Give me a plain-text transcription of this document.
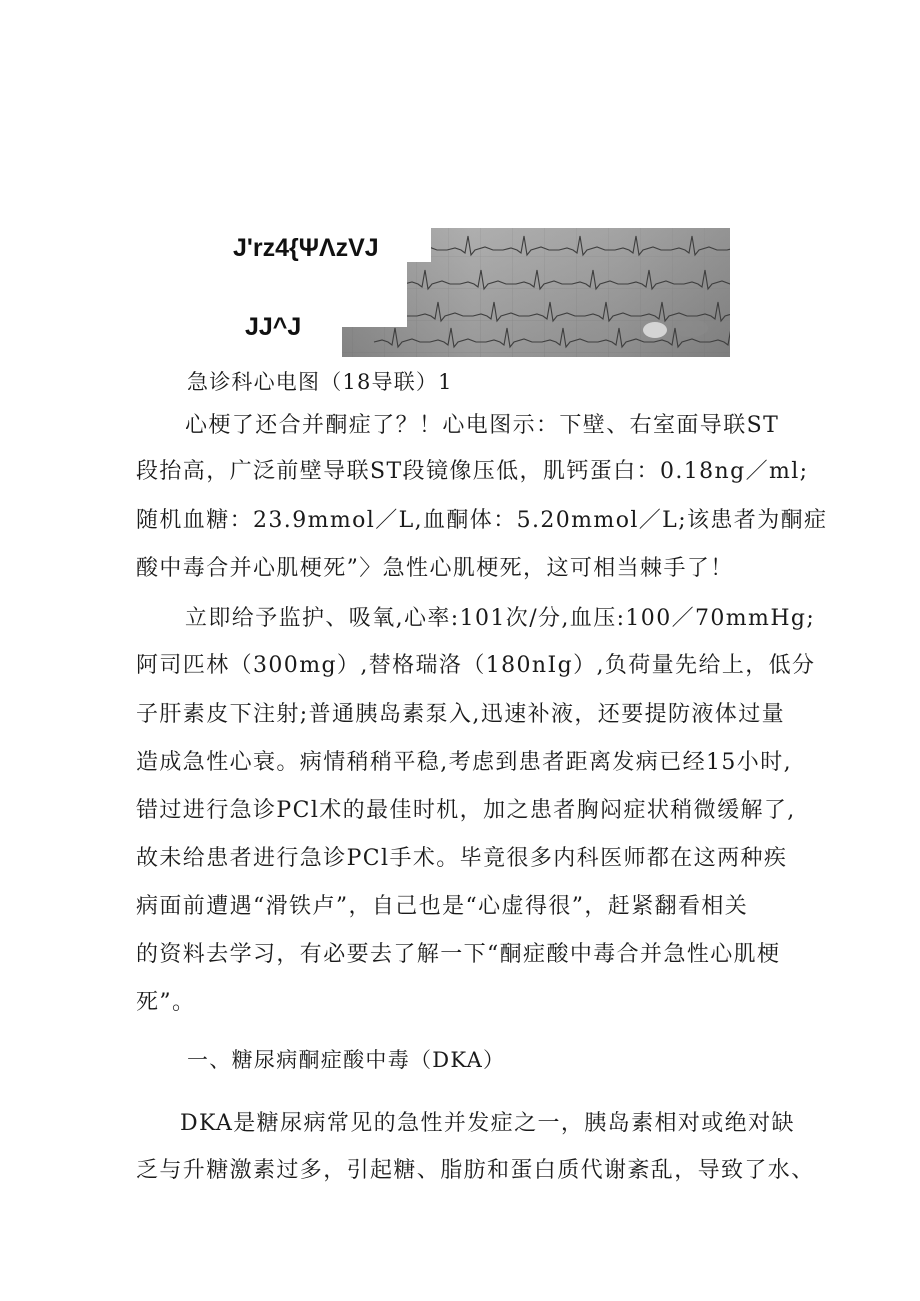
J'rz4{ΨΛzVJ
JJ^J
急诊科心电图（18导联）1
心梗了还合并酮症了？！心电图示：下壁、右室面导联ST
段抬高，广泛前壁导联ST段镜像压低，肌钙蛋白：0.18ng／ml;
随机血糖：23.9mmol／L,血酮体：5.20mmol／L;该患者为酮症
酸中毒合并心肌梗死”〉急性心肌梗死，这可相当棘手了！
立即给予监护、吸氧,心率:101次/分,血压:100／70mmHg;
阿司匹林（300mg）,替格瑞洛（180nIg）,负荷量先给上，低分
子肝素皮下注射;普通胰岛素泵入,迅速补液，还要提防液体过量
造成急性心衰。病情稍稍平稳,考虑到患者距离发病已经15小时,
错过进行急诊PCl术的最佳时机，加之患者胸闷症状稍微缓解了,
故未给患者进行急诊PCl手术。毕竟很多内科医师都在这两种疾
病面前遭遇“滑铁卢”，自己也是“心虚得很”，赶紧翻看相关
的资料去学习，有必要去了解一下“酮症酸中毒合并急性心肌梗
死”。
一、糖尿病酮症酸中毒（DKA）
DKA是糖尿病常见的急性并发症之一，胰岛素相对或绝对缺
乏与升糖激素过多，引起糖、脂肪和蛋白质代谢紊乱，导致了水、
